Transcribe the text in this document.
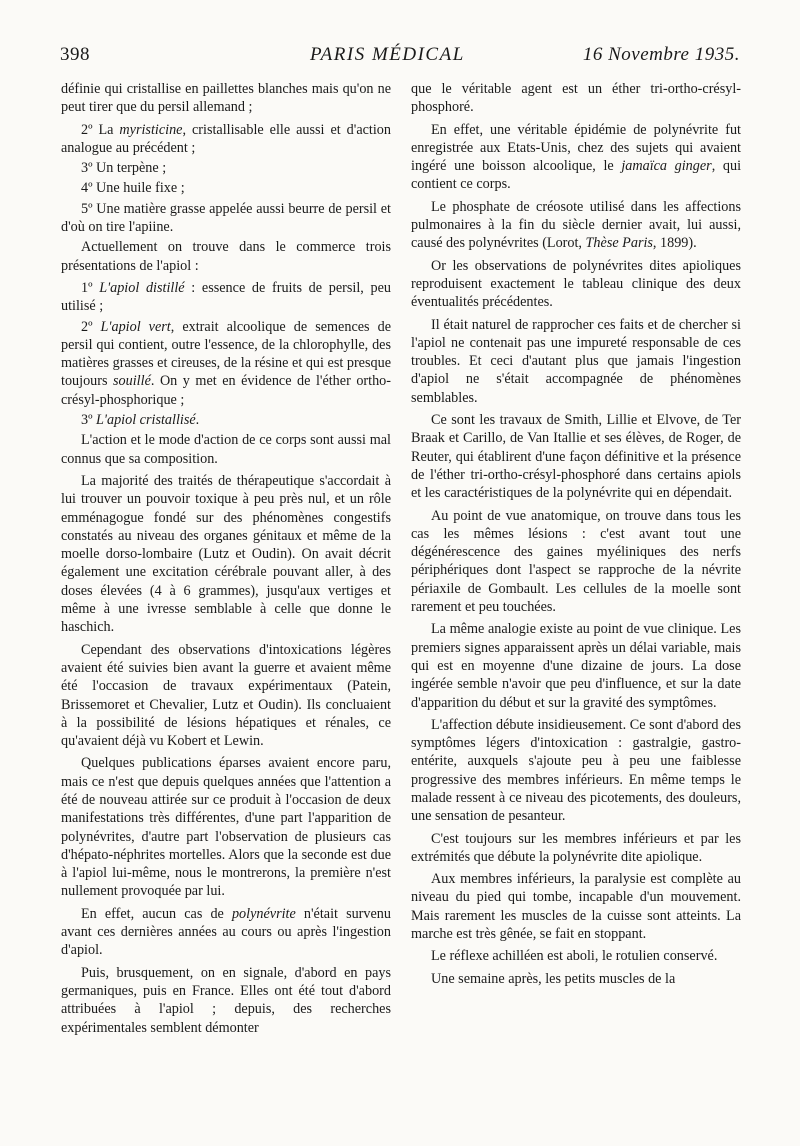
398	PARIS MÉDICAL	16 Novembre 1935.

définie qui cristallise en paillettes blanches mais qu'on ne peut tirer que du persil allemand ;

2º La myristicine, cristallisable elle aussi et d'action analogue au précédent ;

3º Un terpène ;

4º Une huile fixe ;

5º Une matière grasse appelée aussi beurre de persil et d'où on tire l'apiine.

Actuellement on trouve dans le commerce trois présentations de l'apiol :

1º L'apiol distillé : essence de fruits de persil, peu utilisé ;

2º L'apiol vert, extrait alcoolique de semences de persil qui contient, outre l'essence, de la chlorophylle, des matières grasses et cireuses, de la résine et qui est presque toujours souillé. On y met en évidence de l'éther ortho-crésyl-phosphorique ;

3º L'apiol cristallisé.

L'action et le mode d'action de ce corps sont aussi mal connus que sa composition.

La majorité des traités de thérapeutique s'accordait à lui trouver un pouvoir toxique à peu près nul, et un rôle emménagogue fondé sur des phénomènes congestifs constatés au niveau des organes génitaux et même de la moelle dorso-lombaire (Lutz et Oudin). On avait décrit également une excitation cérébrale pouvant aller, à des doses élevées (4 à 6 grammes), jusqu'aux vertiges et même à une ivresse semblable à celle que donne le haschich.

Cependant des observations d'intoxications légères avaient été suivies bien avant la guerre et avaient même été l'occasion de travaux expérimentaux (Patein, Brissemoret et Chevalier, Lutz et Oudin). Ils concluaient à la possibilité de lésions hépatiques et rénales, ce qu'avaient déjà vu Kobert et Lewin.

Quelques publications éparses avaient encore paru, mais ce n'est que depuis quelques années que l'attention a été de nouveau attirée sur ce produit à l'occasion de deux manifestations très différentes, d'une part l'apparition de polynévrites, d'autre part l'observation de plusieurs cas d'hépato-néphrites mortelles. Alors que la seconde est due à l'apiol lui-même, nous le montrerons, la première n'est nullement provoquée par lui.

En effet, aucun cas de polynévrite n'était survenu avant ces dernières années au cours ou après l'ingestion d'apiol.

Puis, brusquement, on en signale, d'abord en pays germaniques, puis en France. Elles ont été tout d'abord attribuées à l'apiol ; depuis, des recherches expérimentales semblent démonter

que le véritable agent est un éther tri-ortho-crésyl-phosphoré.

En effet, une véritable épidémie de polynévrite fut enregistrée aux Etats-Unis, chez des sujets qui avaient ingéré une boisson alcoolique, le jamaïca ginger, qui contient ce corps.

Le phosphate de créosote utilisé dans les affections pulmonaires à la fin du siècle dernier avait, lui aussi, causé des polynévrites (Lorot, Thèse Paris, 1899).

Or les observations de polynévrites dites apioliques reproduisent exactement le tableau clinique des deux éventualités précédentes.

Il était naturel de rapprocher ces faits et de chercher si l'apiol ne contenait pas une impureté responsable de ces troubles. Et ceci d'autant plus que jamais l'ingestion d'apiol ne s'était accompagnée de phénomènes semblables.

Ce sont les travaux de Smith, Lillie et Elvove, de Ter Braak et Carillo, de Van Itallie et ses élèves, de Roger, de Reuter, qui établirent d'une façon définitive et la présence de l'éther tri-ortho-crésyl-phosphoré dans certains apiols et les caractéristiques de la polynévrite qui en dépendait.

Au point de vue anatomique, on trouve dans tous les cas les mêmes lésions : c'est avant tout une dégénérescence des gaines myéliniques des nerfs périphériques dont l'aspect se rapproche de la névrite périaxile de Gombault. Les cellules de la moelle sont rarement et peu touchées.

La même analogie existe au point de vue clinique. Les premiers signes apparaissent après un délai variable, mais qui est en moyenne d'une dizaine de jours. La dose ingérée semble n'avoir que peu d'influence, et sur la date d'apparition du début et sur la gravité des symptômes.

L'affection débute insidieusement. Ce sont d'abord des symptômes légers d'intoxication : gastralgie, gastro-entérite, auxquels s'ajoute peu à peu une faiblesse progressive des membres inférieurs. En même temps le malade ressent à ce niveau des picotements, des douleurs, une sensation de pesanteur.

C'est toujours sur les membres inférieurs et par les extrémités que débute la polynévrite dite apiolique.

Aux membres inférieurs, la paralysie est complète au niveau du pied qui tombe, incapable d'un mouvement. Mais rarement les muscles de la cuisse sont atteints. La marche est très gênée, se fait en stoppant.

Le réflexe achilléen est aboli, le rotulien conservé.

Une semaine après, les petits muscles de la
